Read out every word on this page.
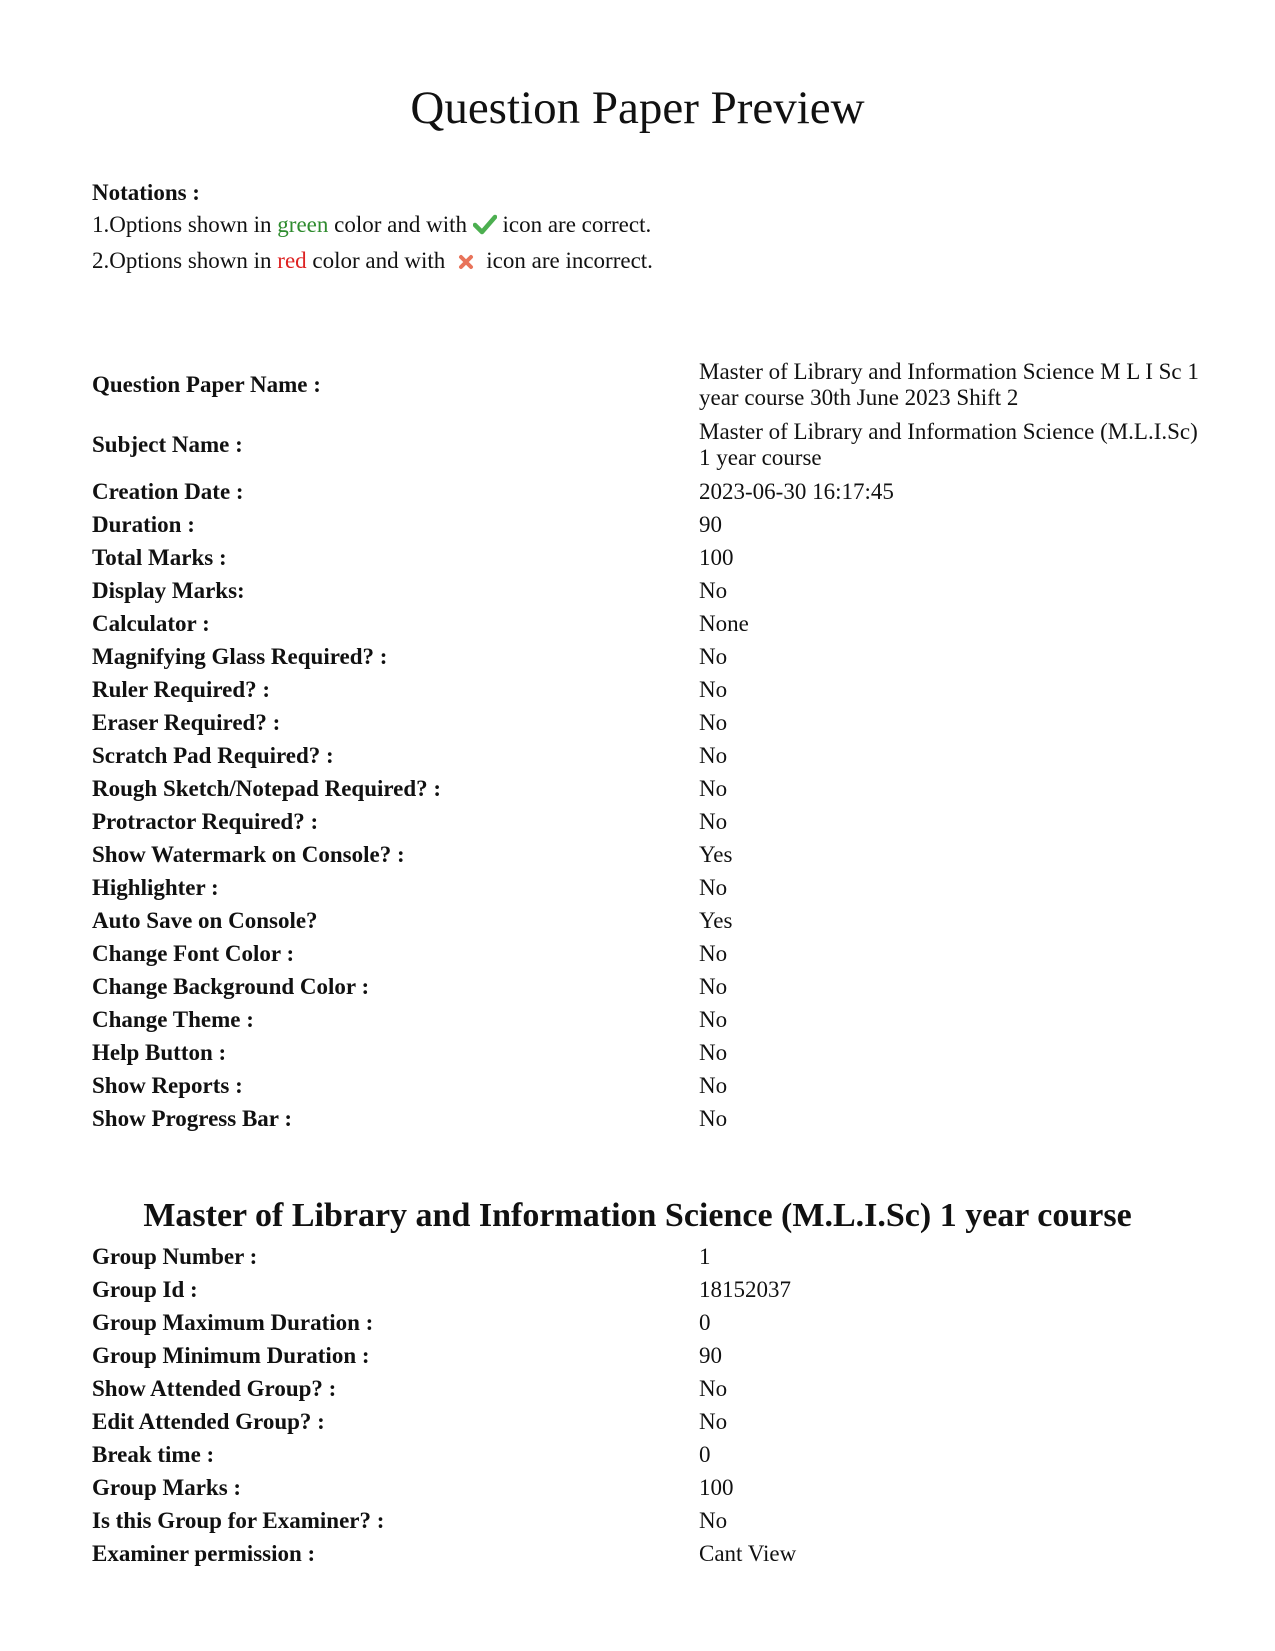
Question Paper Preview
Notations :
1.Options shown in green color and with  icon are correct.
2.Options shown in red color and with    icon are incorrect.
Question Paper Name :
Master of Library and Information Science M L I Sc 1 year course 30th June 2023 Shift 2
Subject Name :
Master of Library and Information Science (M.L.I.Sc) 1 year course
Creation Date :	2023-06-30 16:17:45
Duration :	90
Total Marks :	100
Display Marks:	No
Calculator :	None
Magnifying Glass Required? :	No
Ruler Required? :	No
Eraser Required? :	No
Scratch Pad Required? :	No
Rough Sketch/Notepad Required? :	No
Protractor Required? :	No
Show Watermark on Console? :	Yes
Highlighter :	No
Auto Save on Console?	Yes
Change Font Color :	No
Change Background Color :	No
Change Theme :	No
Help Button :	No
Show Reports :	No
Show Progress Bar :	No
Master of Library and Information Science (M.L.I.Sc) 1 year course
Group Number :	1
Group Id :	18152037
Group Maximum Duration :	0
Group Minimum Duration :	90
Show Attended Group? :	No
Edit Attended Group? :	No
Break time :	0
Group Marks :	100
Is this Group for Examiner? :	No
Examiner permission :	Cant View
